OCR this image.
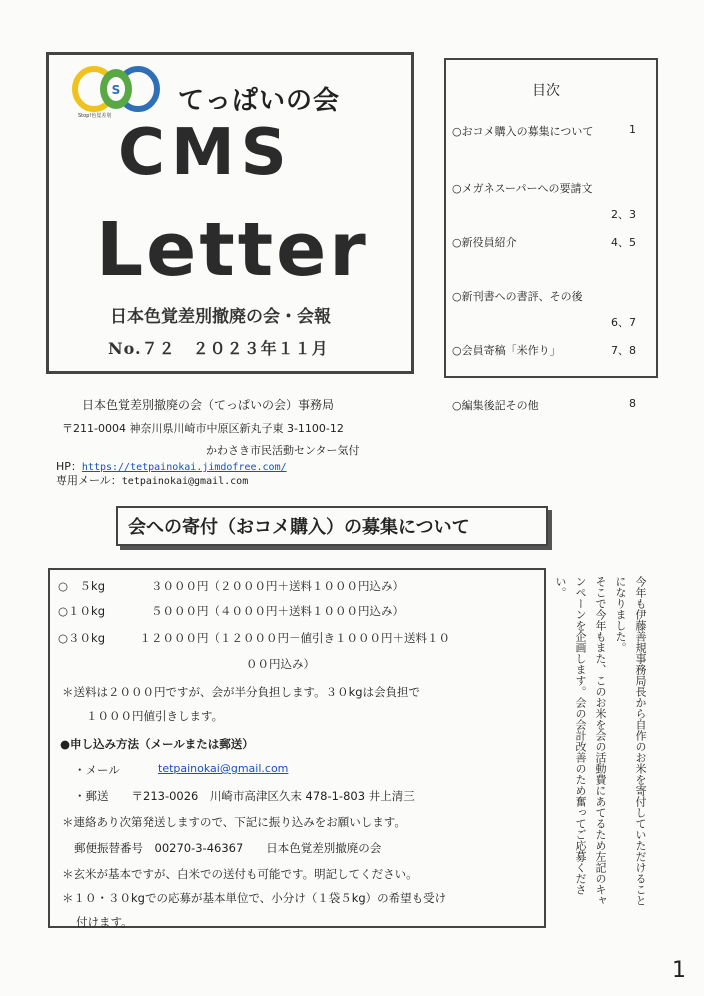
S
Stop!色覚差別	てっぱいの会
CMS
Letter
日本色覚差別撤廃の会・会報
No.７２　２０２３年１１月
目次
○おコメ購入の募集について	1
○メガネスーパーへの要請文
2、3
○新役員紹介	4、5
○新刊書への書評、その後
6、7
○会員寄稿「米作り」	7、8
○編集後記その他	8
日本色覚差別撤廃の会（てっぱいの会）事務局
〒211-0004 神奈川県川崎市中原区新丸子東 3-1100-12
かわさき市民活動センター気付
HP：https://tetpainokai.jimdofree.com/
専用メール：tetpainokai@gmail.com
会への寄付（おコメ購入）の募集について
○　５kg　　　　３０００円（２０００円＋送料１０００円込み）
○１０kg　　　　５０００円（４０００円＋送料１０００円込み）
○３０kg　　　１２０００円（１２０００円－値引き１０００円＋送料１０
００円込み）
＊送料は２０００円ですが、会が半分負担します。３０kgは会負担で
１０００円値引きします。
●申し込み方法（メールまたは郵送）
・メール	tetpainokai@gmail.com
・郵送　　〒213-0026　川崎市高津区久末 478-1-803 井上清三
＊連絡あり次第発送しますので、下記に振り込みをお願いします。
郵便振替番号　00270-3-46367　　日本色覚差別撤廃の会
＊玄米が基本ですが、白米での送付も可能です。明記してください。
＊１０・３０kgでの応募が基本単位で、小分け（１袋５kg）の希望も受け
付けます。

今年も伊藤善規事務局長から自作のお米を寄付していただけることになりました。

そこで今年もまた、このお米を会の活動費にあてるため左記のキャンペーンを企画します。会の会計改善のため奮ってご応募ください。

1
